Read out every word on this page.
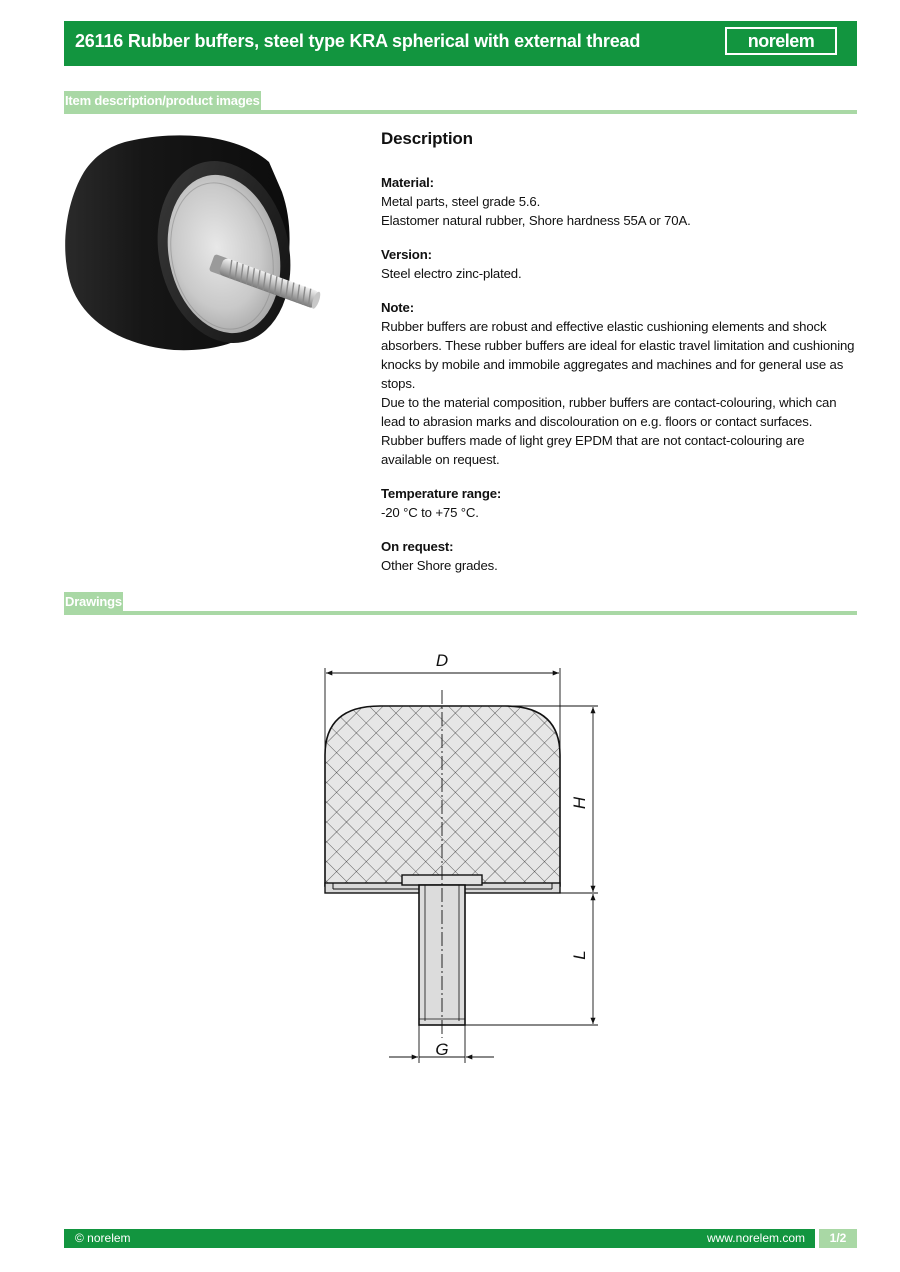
26116 Rubber buffers, steel type KRA spherical with external thread	norelem
Item description/product images
Description
Material:
Metal parts, steel grade 5.6.
Elastomer natural rubber, Shore hardness 55A or 70A.
Version:
Steel electro zinc-plated.
Note:
Rubber buffers are robust and effective elastic cushioning elements and shock absorbers. These rubber buffers are ideal for elastic travel limitation and cushioning knocks by mobile and immobile aggregates and machines and for general use as stops.
Due to the material composition, rubber buffers are contact-colouring, which can lead to abrasion marks and discolouration on e.g. floors or contact surfaces.
Rubber buffers made of light grey EPDM that are not contact-colouring are available on request.
Temperature range:
-20 °C to +75 °C.
On request:
Other Shore grades.
Drawings
D
H
L
G
© norelem	www.norelem.com	1/2
